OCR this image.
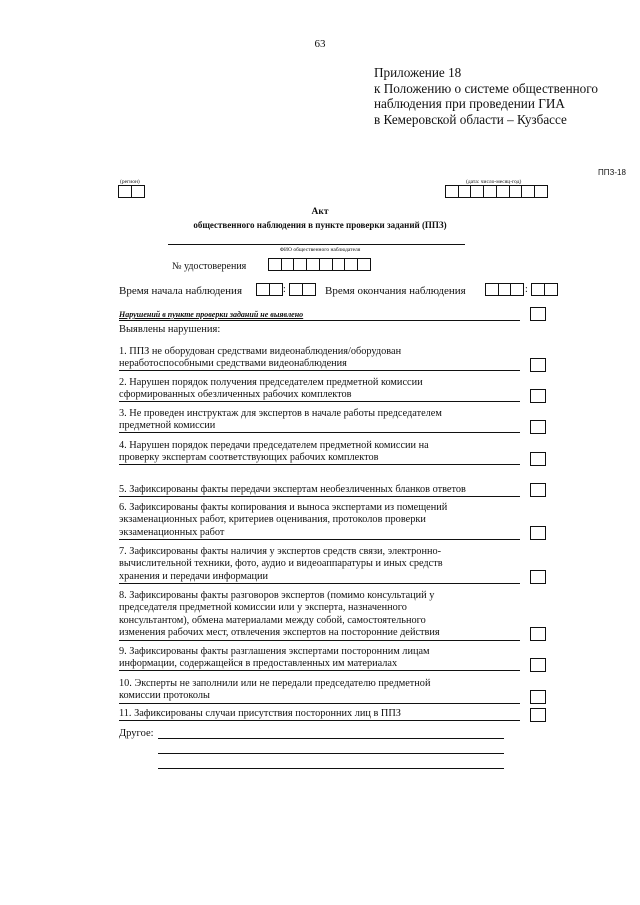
63
Приложение 18
к Положению о системе общественного
наблюдения при проведении ГИА
в Кемеровской области – Кузбассе
ППЗ-18
(регион)	(дата: число-месяц-год)
Акт
общественного наблюдения в пункте проверки заданий (ППЗ)
ФИО общественного наблюдателя
№ удостоверения
Время начала наблюдения	:	Время окончания наблюдения	:
Нарушений в пункте проверки заданий не выявлено
Выявлены нарушения:
1. ППЗ не оборудован средствами видеонаблюдения/оборудован
неработоспособными средствами видеонаблюдения
2. Нарушен порядок получения председателем предметной комиссии
сформированных обезличенных рабочих комплектов
3. Не проведен инструктаж для экспертов в начале работы председателем
предметной комиссии
4. Нарушен порядок передачи председателем предметной комиссии на
проверку экспертам соответствующих рабочих комплектов
5. Зафиксированы факты передачи экспертам необезличенных бланков ответов
6. Зафиксированы факты копирования и выноса экспертами из помещений
экзаменационных работ, критериев оценивания, протоколов проверки
экзаменационных работ
7. Зафиксированы факты наличия у экспертов средств связи, электронно-
вычислительной техники, фото, аудио и видеоаппаратуры и иных средств
хранения и передачи информации
8. Зафиксированы факты разговоров экспертов (помимо консультаций у
председателя предметной комиссии или у эксперта, назначенного
консультантом), обмена материалами между собой, самостоятельного
изменения рабочих мест, отвлечения экспертов на посторонние действия
9. Зафиксированы факты разглашения экспертами посторонним лицам
информации, содержащейся в предоставленных им материалах
10. Эксперты не заполнили или не передали председателю предметной
комиссии протоколы
11. Зафиксированы случаи присутствия посторонних лиц в ППЗ
Другое:
